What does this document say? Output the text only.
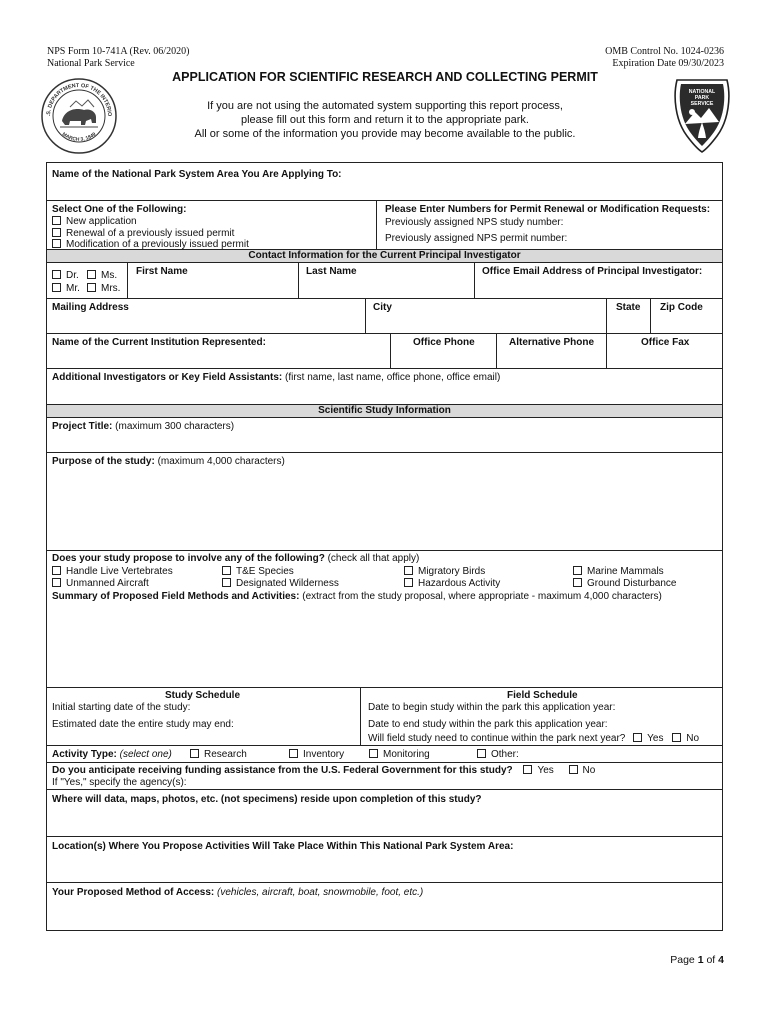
NPS Form 10-741A (Rev. 06/2020)
National Park Service
OMB Control No. 1024-0236
Expiration Date 09/30/2023
.S. DEPARTMENT OF THE INTERIO
MARCH 3, 1849
NATIONAL
PARK
SERVICE
APPLICATION FOR SCIENTIFIC RESEARCH AND COLLECTING PERMIT
If you are not using the automated system supporting this report process,
please fill out this form and return it to the appropriate park.
All or some of the information you provide may become available to the public.
Name of the National Park System Area You Are Applying To:
Select One of the Following:
New application
Renewal of a previously issued permit
Modification of a previously issued permit
Please Enter Numbers for Permit Renewal or Modification Requests:
Previously assigned NPS study number:
Previously assigned NPS permit number:
Contact Information for the Current Principal Investigator
Dr.	Ms.
Mr.	Mrs.
First Name	Last Name	Office Email Address of Principal Investigator:
Mailing Address	City	State Zip Code
Name of the Current Institution Represented:	Office Phone	Alternative Phone	Office Fax
Additional Investigators or Key Field Assistants: (first name, last name, office phone, office email)
Scientific Study Information
Project Title: (maximum 300 characters)
Purpose of the study: (maximum 4,000 characters)
Does your study propose to involve any of the following? (check all that apply)
Handle Live Vertebrates	T&E Species	Migratory Birds	Marine Mammals
Unmanned Aircraft	Designated Wilderness	Hazardous Activity	Ground Disturbance
Summary of Proposed Field Methods and Activities: (extract from the study proposal, where appropriate - maximum 4,000 characters)
Study Schedule
Initial starting date of the study:
Estimated date the entire study may end:
Field Schedule
Date to begin study within the park this application year:
Date to end study within the park this application year:
Will field study need to continue within the park next year? Yes No
Activity Type: (select one)	Research	Inventory	Monitoring	Other:
Do you anticipate receiving funding assistance from the U.S. Federal Government for this study? Yes	No
If "Yes," specify the agency(s):
Where will data, maps, photos, etc. (not specimens) reside upon completion of this study?
Location(s) Where You Propose Activities Will Take Place Within This National Park System Area:
Your Proposed Method of Access: (vehicles, aircraft, boat, snowmobile, foot, etc.)
Page 1 of 4
